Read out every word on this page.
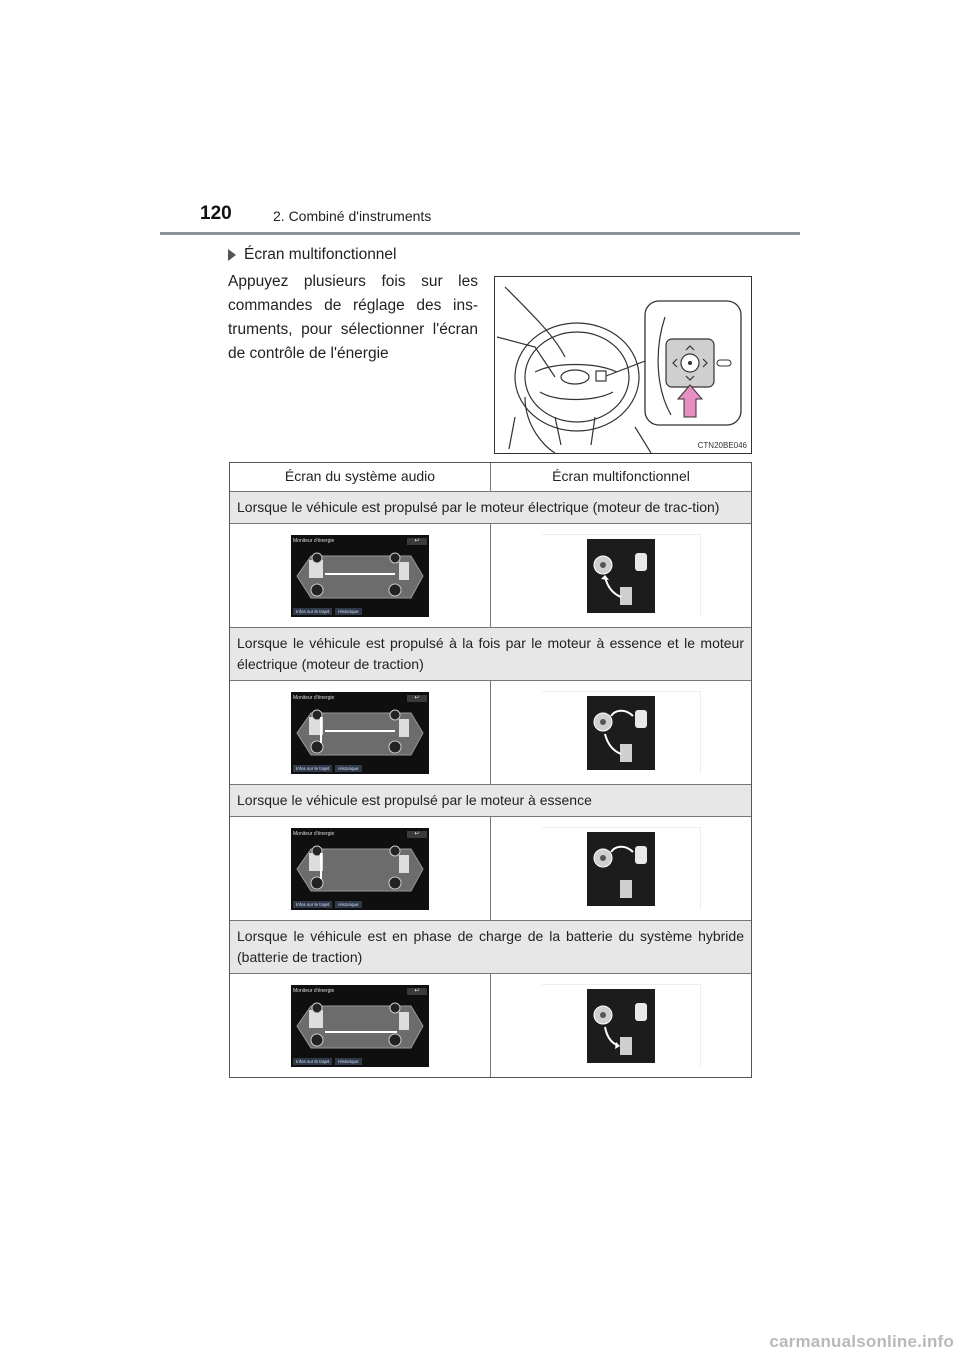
120	2. Combiné d'instruments
Écran multifonctionnel
Appuyez plusieurs fois sur les commandes de réglage des ins-truments, pour sélectionner l'écran de contrôle de l'énergie
CTN20BE046
Écran du système audio	Écran multifonctionnel
Lorsque le véhicule est propulsé par le moteur électrique (moteur de trac-tion)
Moniteur d'énergie	↩
Infos sur le trajet	Historique
Lorsque le véhicule est propulsé à la fois par le moteur à essence et le moteur électrique (moteur de traction)
Moniteur d'énergie	↩
Infos sur le trajet	Historique
Lorsque le véhicule est propulsé par le moteur à essence
Moniteur d'énergie	↩
Infos sur le trajet	Historique
Lorsque le véhicule est en phase de charge de la batterie du système hybride (batterie de traction)
Moniteur d'énergie	↩
Infos sur le trajet	Historique
carmanualsonline.info
